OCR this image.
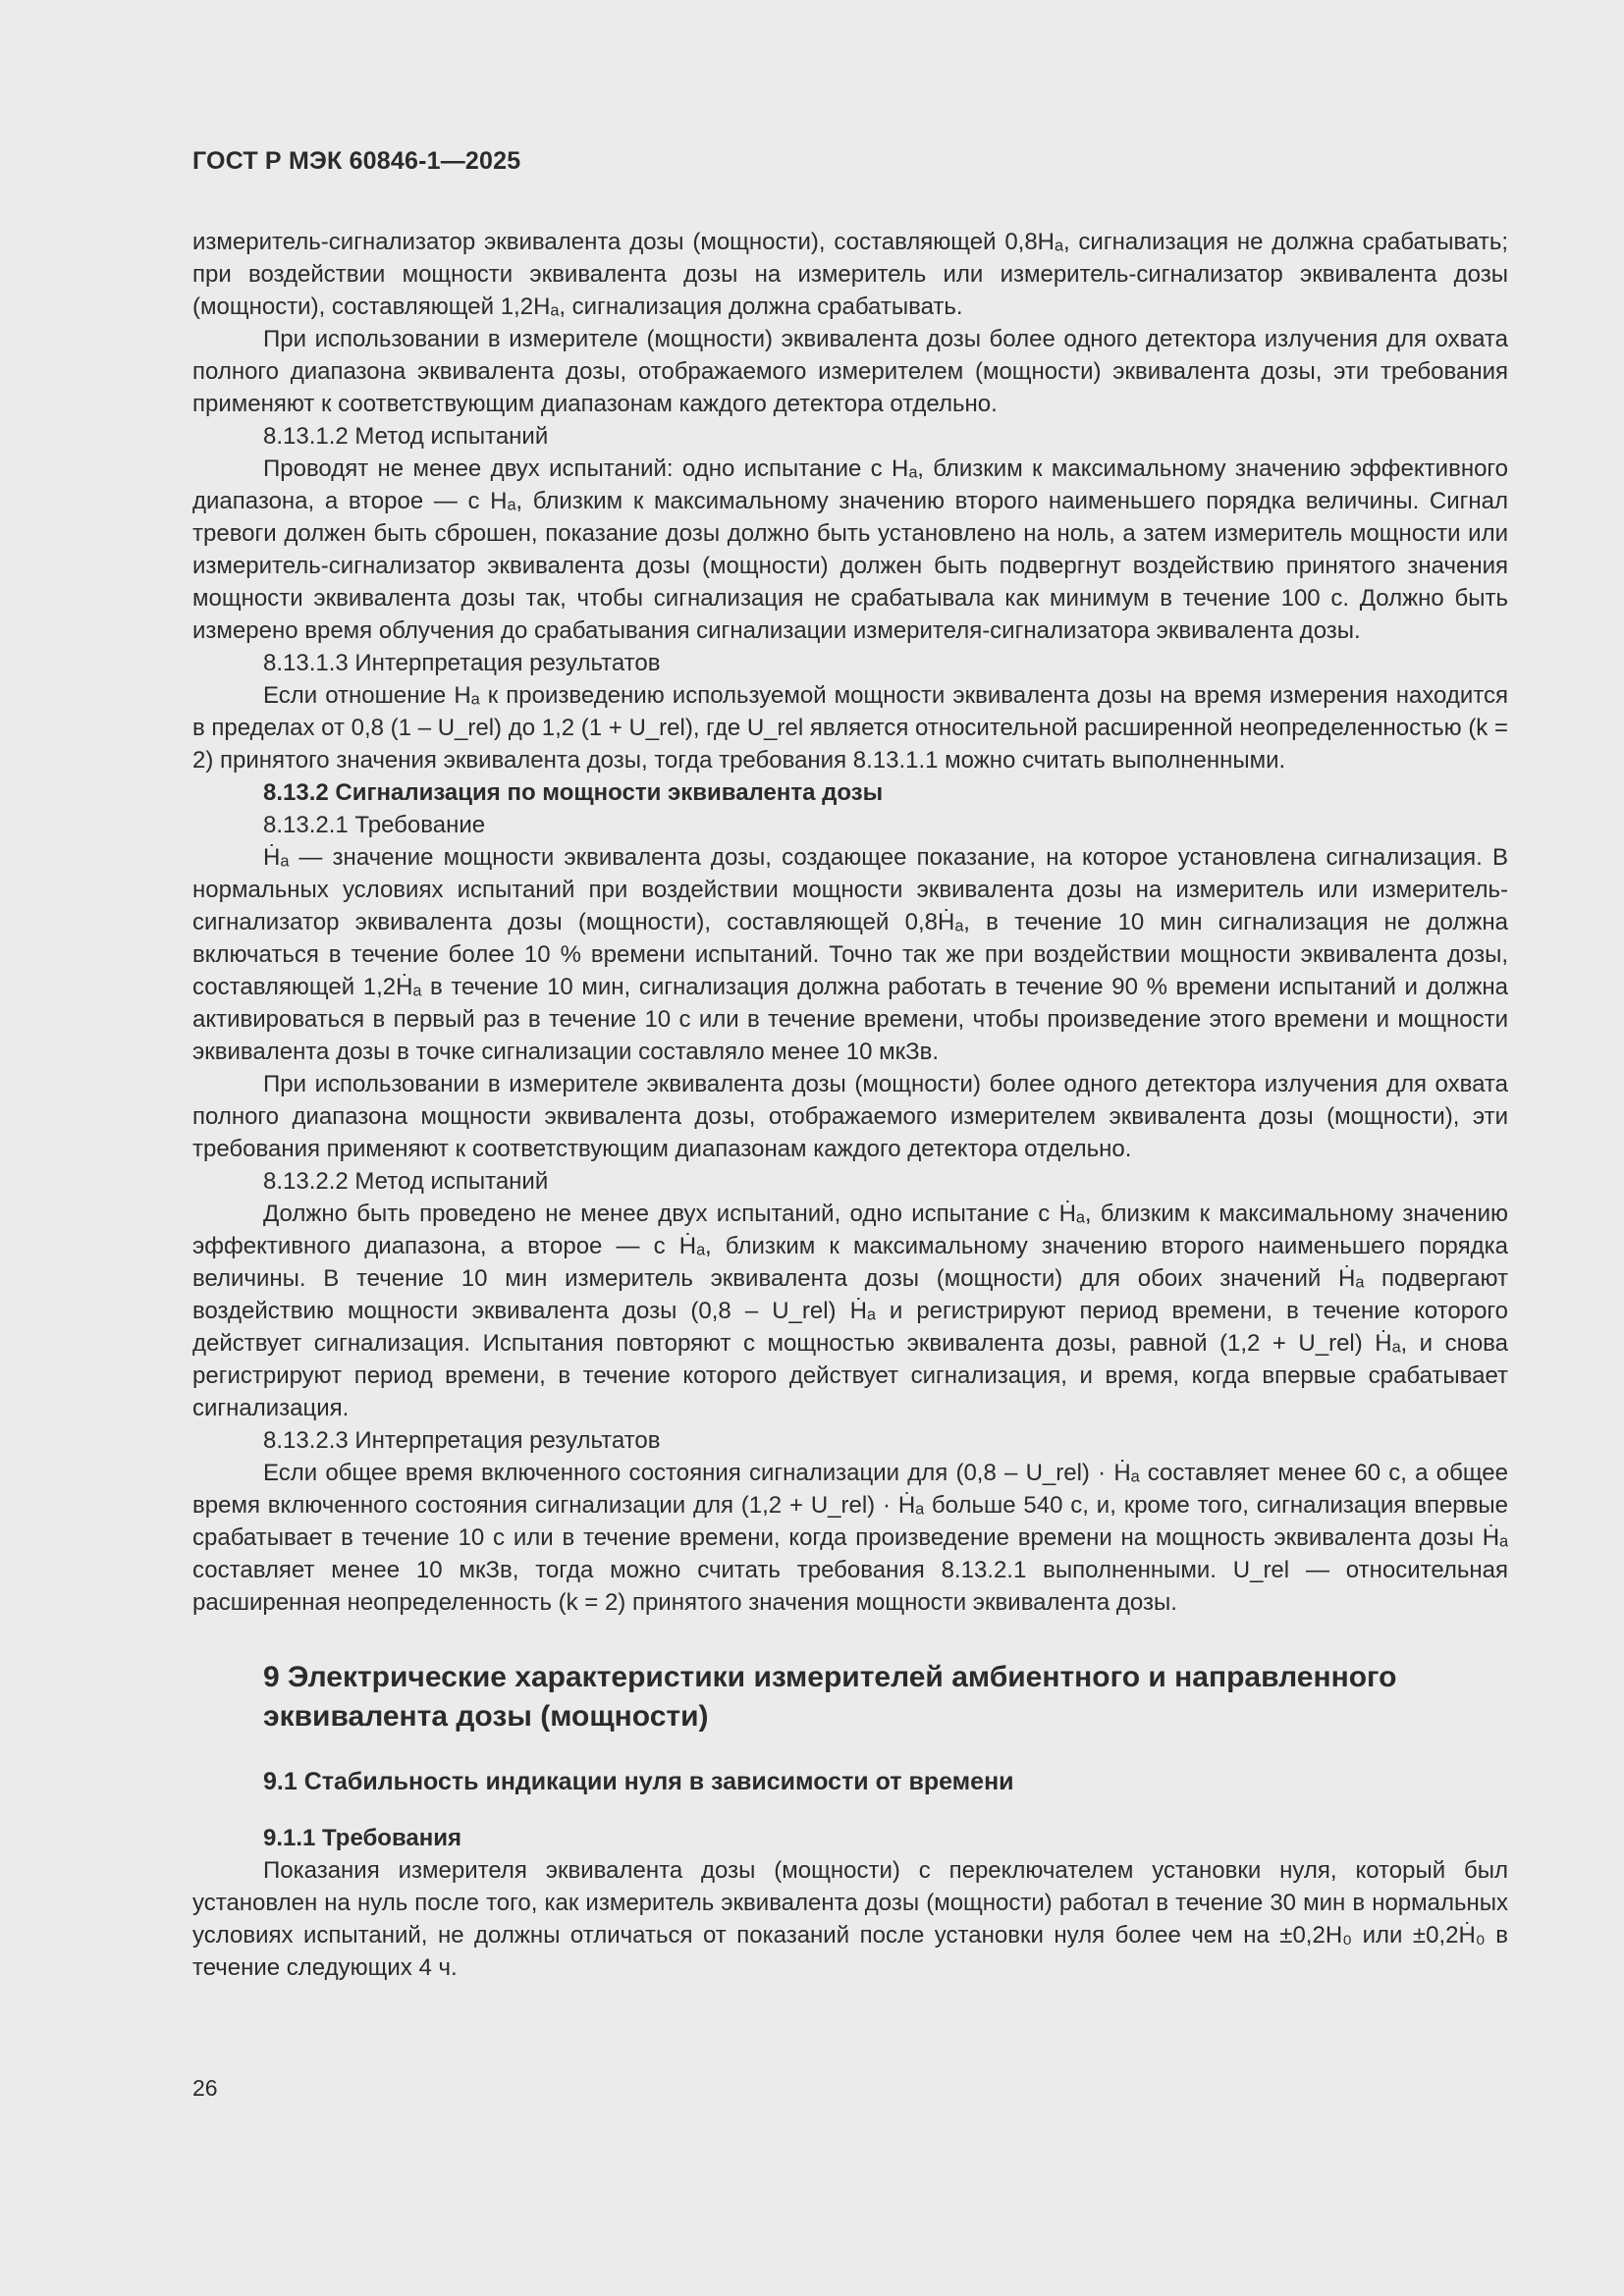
ГОСТ Р МЭК 60846-1—2025

измеритель-сигнализатор эквивалента дозы (мощности), составляющей 0,8Hₐ, сигнализация не должна срабатывать; при воздействии мощности эквивалента дозы на измеритель или измеритель-сигнализатор эквивалента дозы (мощности), составляющей 1,2Hₐ, сигнализация должна срабатывать.

При использовании в измерителе (мощности) эквивалента дозы более одного детектора излучения для охвата полного диапазона эквивалента дозы, отображаемого измерителем (мощности) эквивалента дозы, эти требования применяют к соответствующим диапазонам каждого детектора отдельно.

8.13.1.2 Метод испытаний

Проводят не менее двух испытаний: одно испытание с Hₐ, близким к максимальному значению эффективного диапазона, а второе — с Hₐ, близким к максимальному значению второго наименьшего порядка величины. Сигнал тревоги должен быть сброшен, показание дозы должно быть установлено на ноль, а затем измеритель мощности или измеритель-сигнализатор эквивалента дозы (мощности) должен быть подвергнут воздействию принятого значения мощности эквивалента дозы так, чтобы сигнализация не срабатывала как минимум в течение 100 с. Должно быть измерено время облучения до срабатывания сигнализации измерителя-сигнализатора эквивалента дозы.

8.13.1.3 Интерпретация результатов

Если отношение Hₐ к произведению используемой мощности эквивалента дозы на время измерения находится в пределах от 0,8 (1 – U_rel) до 1,2 (1 + U_rel), где U_rel является относительной расширенной неопределенностью (k = 2) принятого значения эквивалента дозы, тогда требования 8.13.1.1 можно считать выполненными.

8.13.2 Сигнализация по мощности эквивалента дозы

8.13.2.1 Требование

Ḣₐ — значение мощности эквивалента дозы, создающее показание, на которое установлена сигнализация. В нормальных условиях испытаний при воздействии мощности эквивалента дозы на измеритель или измеритель-сигнализатор эквивалента дозы (мощности), составляющей 0,8Ḣₐ, в течение 10 мин сигнализация не должна включаться в течение более 10 % времени испытаний. Точно так же при воздействии мощности эквивалента дозы, составляющей 1,2Ḣₐ в течение 10 мин, сигнализация должна работать в течение 90 % времени испытаний и должна активироваться в первый раз в течение 10 с или в течение времени, чтобы произведение этого времени и мощности эквивалента дозы в точке сигнализации составляло менее 10 мкЗв.

При использовании в измерителе эквивалента дозы (мощности) более одного детектора излучения для охвата полного диапазона мощности эквивалента дозы, отображаемого измерителем эквивалента дозы (мощности), эти требования применяют к соответствующим диапазонам каждого детектора отдельно.

8.13.2.2 Метод испытаний

Должно быть проведено не менее двух испытаний, одно испытание с Ḣₐ, близким к максимальному значению эффективного диапазона, а второе — с Ḣₐ, близким к максимальному значению второго наименьшего порядка величины. В течение 10 мин измеритель эквивалента дозы (мощности) для обоих значений Ḣₐ подвергают воздействию мощности эквивалента дозы (0,8 – U_rel) Ḣₐ и регистрируют период времени, в течение которого действует сигнализация. Испытания повторяют с мощностью эквивалента дозы, равной (1,2 + U_rel) Ḣₐ, и снова регистрируют период времени, в течение которого действует сигнализация, и время, когда впервые срабатывает сигнализация.

8.13.2.3 Интерпретация результатов

Если общее время включенного состояния сигнализации для (0,8 – U_rel) · Ḣₐ составляет менее 60 с, а общее время включенного состояния сигнализации для (1,2 + U_rel) · Ḣₐ больше 540 с, и, кроме того, сигнализация впервые срабатывает в течение 10 с или в течение времени, когда произведение времени на мощность эквивалента дозы Ḣₐ составляет менее 10 мкЗв, тогда можно считать требования 8.13.2.1 выполненными. U_rel — относительная расширенная неопределенность (k = 2) принятого значения мощности эквивалента дозы.

9 Электрические характеристики измерителей амбиентного и направленного эквивалента дозы (мощности)
9.1 Стабильность индикации нуля в зависимости от времени
9.1.1 Требования

Показания измерителя эквивалента дозы (мощности) с переключателем установки нуля, который был установлен на нуль после того, как измеритель эквивалента дозы (мощности) работал в течение 30 мин в нормальных условиях испытаний, не должны отличаться от показаний после установки нуля более чем на ±0,2H₀ или ±0,2Ḣ₀ в течение следующих 4 ч.

26
